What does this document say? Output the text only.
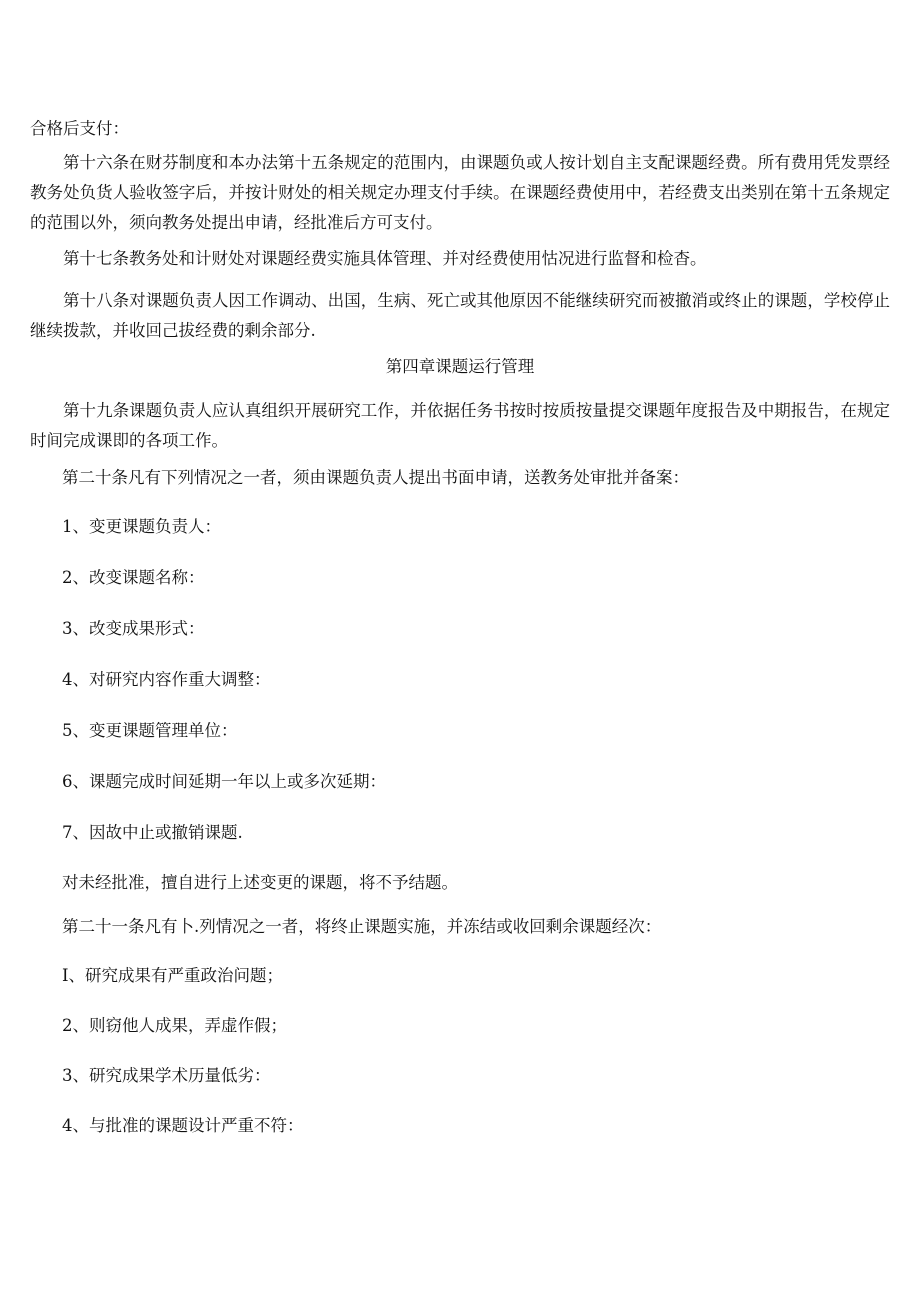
合格后支付：

第十六条在财芬制度和本办法第十五条规定的范围内，由课题负或人按计划自主支配课题经费。所有费用凭发票经教务处负货人验收签字后，并按计财处的相关规定办理支付手续。在课题经费使用中，若经费支出类别在第十五条规定的范围以外，须向教务处提出申请，经批准后方可支付。

第十七条教务处和计财处对课题经费实施具体管理、并对经费使用怙况进行监督和检杳。

第十八条对课题负责人因工作调动、出国，生病、死亡或其他原因不能继续研究而被撤消或终止的课题，学校停止继续拨款，并收回己拔经费的剩余部分.

第四章课题运行管理

第十九条课题负责人应认真组织开展研究工作，并依据任务书按时按质按量提交课题年度报告及中期报告，在规定时间完成课即的各项工作。

第二十条凡有下列情况之一者，须由课题负责人提出书面申请，送教务处审批并备案：

1、变更课题负责人：

2、改变课题名称：

3、改变成果形式：

4、对研究内容作重大调整：

5、变更课题管理单位：

6、课题完成时间延期一年以上或多次延期：

7、因故中止或撤销课题.

对未经批准，擅自进行上述变更的课题，将不予结题。

第二十一条凡有卜.列情况之一者，将终止课题实施，并冻结或收回剩余课题经次：

I、研究成果有严重政治问题；

2、则窃他人成果，弄虚作假；

3、研究成果学术历量低劣：

4、与批准的课题设计严重不符：
